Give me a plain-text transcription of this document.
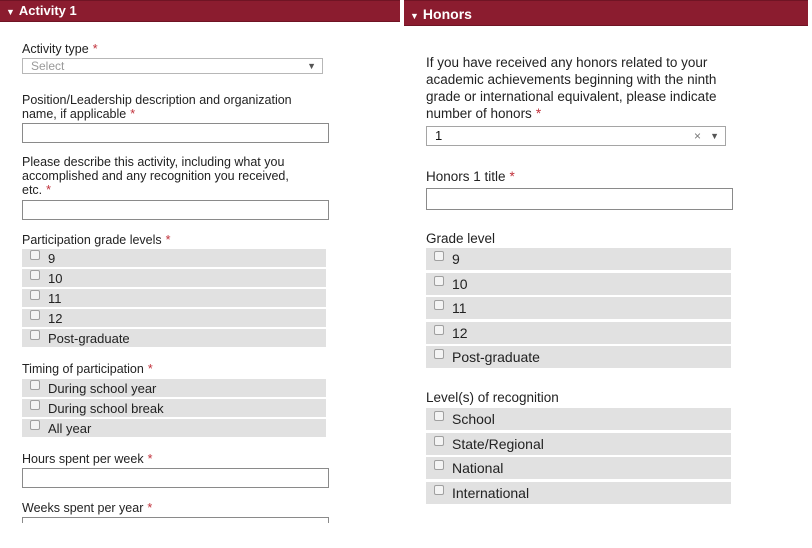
▼ Activity 1
Activity type *
Select	▼
Position/Leadership description and organization
name, if applicable *
Please describe this activity, including what you
accomplished and any recognition you received,
etc. *
Participation grade levels *
9
10
11
12
Post-graduate
Timing of participation *
During school year
During school break
All year
Hours spent per week *
Weeks spent per year *
▼ Honors
If you have received any honors related to your
academic achievements beginning with the ninth
grade or international equivalent, please indicate
number of honors *
1	× ▼
Honors 1 title *
Grade level
9
10
11
12
Post-graduate
Level(s) of recognition
School
State/Regional
National
International
